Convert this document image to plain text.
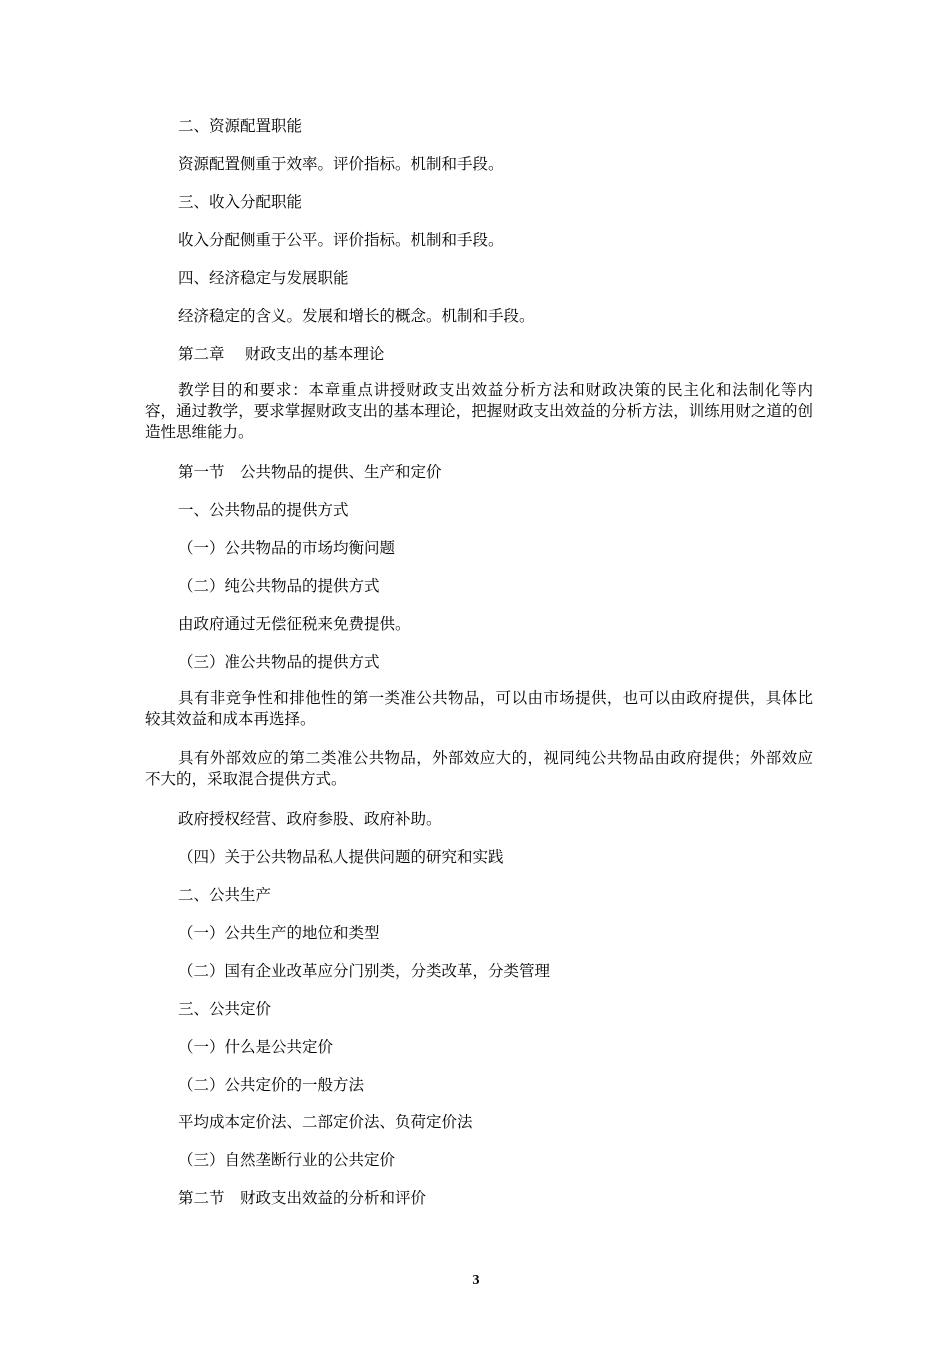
二、资源配置职能
资源配置侧重于效率。评价指标。机制和手段。
三、收入分配职能
收入分配侧重于公平。评价指标。机制和手段。
四、经济稳定与发展职能
经济稳定的含义。发展和增长的概念。机制和手段。
第二章　 财政支出的基本理论
教学目的和要求：本章重点讲授财政支出效益分析方法和财政决策的民主化和法制化等内容，通过教学，要求掌握财政支出的基本理论，把握财政支出效益的分析方法，训练用财之道的创造性思维能力。
第一节　公共物品的提供、生产和定价
一、公共物品的提供方式
（一）公共物品的市场均衡问题
（二）纯公共物品的提供方式
由政府通过无偿征税来免费提供。
（三）准公共物品的提供方式
具有非竞争性和排他性的第一类准公共物品，可以由市场提供，也可以由政府提供，具体比较其效益和成本再选择。
具有外部效应的第二类准公共物品，外部效应大的，视同纯公共物品由政府提供；外部效应不大的，采取混合提供方式。
政府授权经营、政府参股、政府补助。
（四）关于公共物品私人提供问题的研究和实践
二、公共生产
（一）公共生产的地位和类型
（二）国有企业改革应分门别类，分类改革，分类管理
三、公共定价
（一）什么是公共定价
（二）公共定价的一般方法
平均成本定价法、二部定价法、负荷定价法
（三）自然垄断行业的公共定价
第二节　财政支出效益的分析和评价
3
